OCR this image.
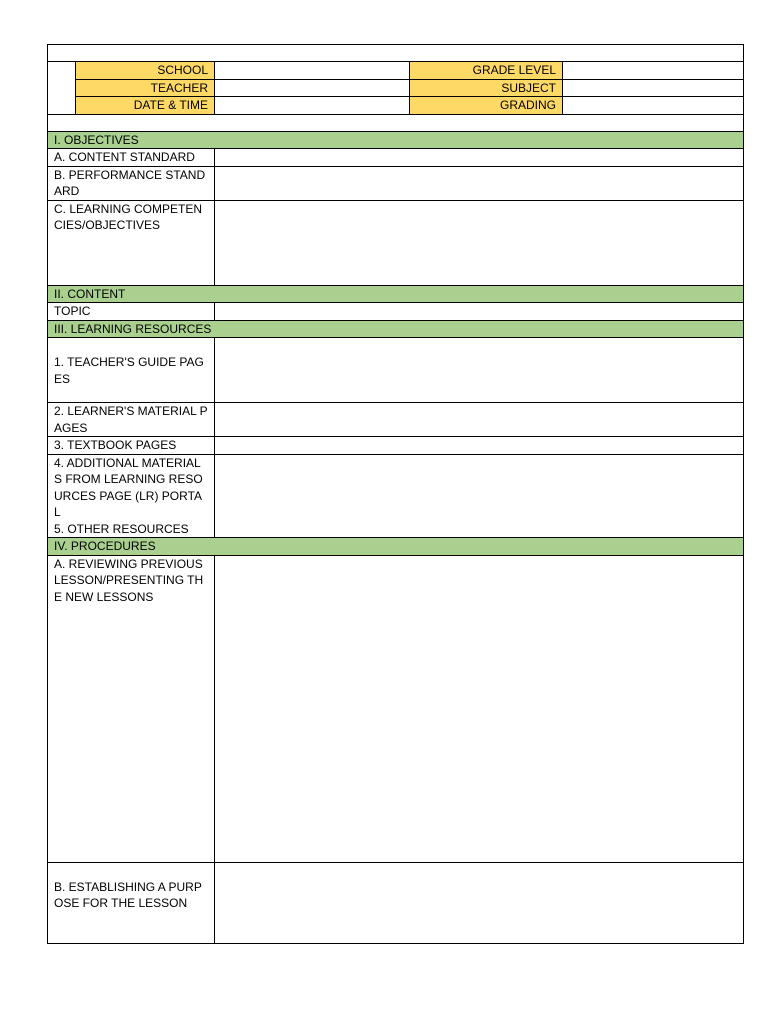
	SCHOOL		GRADE LEVEL	
	TEACHER		SUBJECT	
	DATE & TIME		GRADING	

I. OBJECTIVES				
A. CONTENT STANDARD				
B. PERFORMANCE STANDARD				
C. LEARNING COMPETENCIES/OBJECTIVES				
II. CONTENT				
TOPIC				
III. LEARNING RESOURCES				
1. TEACHER'S GUIDE PAGES				
2. LEARNER'S MATERIAL PAGES				
3. TEXTBOOK PAGES				

4. ADDITIONAL MATERIALS FROM LEARNING RESOURCES PAGE (LR) PORTAL
5. OTHER RESOURCES				

IV. PROCEDURES				
A. REVIEWING PREVIOUS LESSON/PRESENTING THE NEW LESSONS				
B. ESTABLISHING A PURPOSE FOR THE LESSON				
